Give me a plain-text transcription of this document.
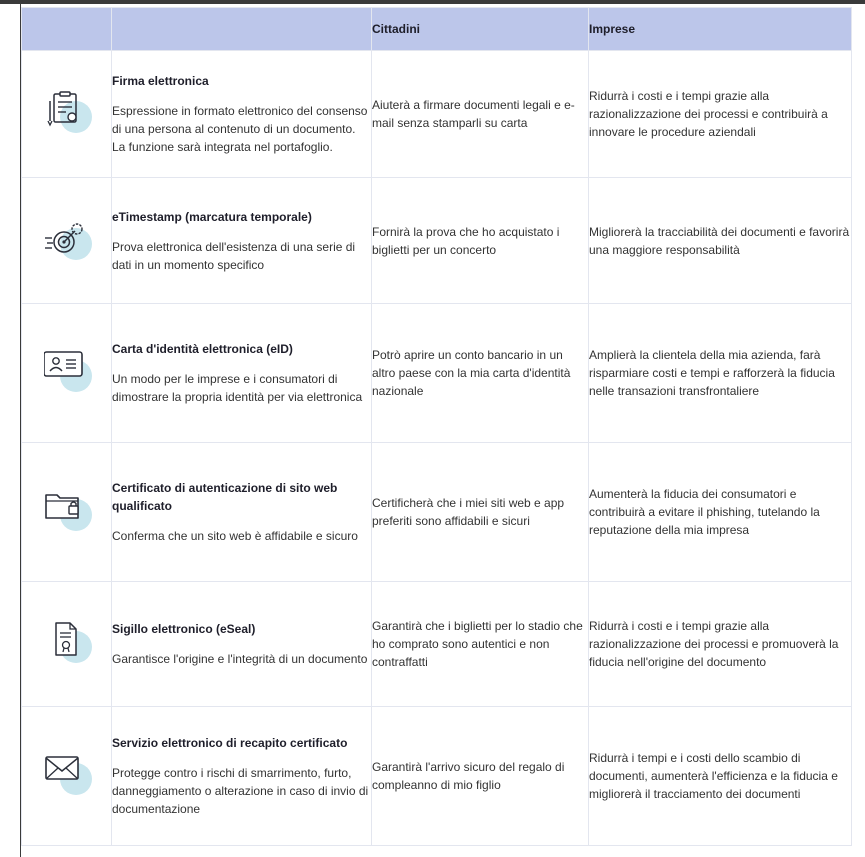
		Cittadini	Imprese

Firma elettronica
Espressione in formato elettronico del consenso di una persona al contenuto di un documento. La funzione sarà integrata nel portafoglio.	Aiuterà a firmare documenti legali e e-mail senza stamparli su carta	Ridurrà i costi e i tempi grazie alla razionalizzazione dei processi e contribuirà a innovare le procedure aziendali

eTimestamp (marcatura temporale)
Prova elettronica dell'esistenza di una serie di dati in un momento specifico	Fornirà la prova che ho acquistato i biglietti per un concerto	Migliorerà la tracciabilità dei documenti e favorirà una maggiore responsabilità

Carta d'identità elettronica (eID)
Un modo per le imprese e i consumatori di dimostrare la propria identità per via elettronica	Potrò aprire un conto bancario in un altro paese con la mia carta d'identità nazionale	Amplierà la clientela della mia azienda, farà risparmiare costi e tempi e rafforzerà la fiducia nelle transazioni transfrontaliere

Certificato di autenticazione di sito web qualificato
Conferma che un sito web è affidabile e sicuro	Certificherà che i miei siti web e app preferiti sono affidabili e sicuri	Aumenterà la fiducia dei consumatori e contribuirà a evitare il phishing, tutelando la reputazione della mia impresa

Sigillo elettronico (eSeal)
Garantisce l'origine e l'integrità di un documento	Garantirà che i biglietti per lo stadio che ho comprato sono autentici e non contraffatti	Ridurrà i costi e i tempi grazie alla razionalizzazione dei processi e promuoverà la fiducia nell'origine del documento

Servizio elettronico di recapito certificato
Protegge contro i rischi di smarrimento, furto, danneggiamento o alterazione in caso di invio di documentazione	Garantirà l'arrivo sicuro del regalo di compleanno di mio figlio	Ridurrà i tempi e i costi dello scambio di documenti, aumenterà l'efficienza e la fiducia e migliorerà il tracciamento dei documenti
